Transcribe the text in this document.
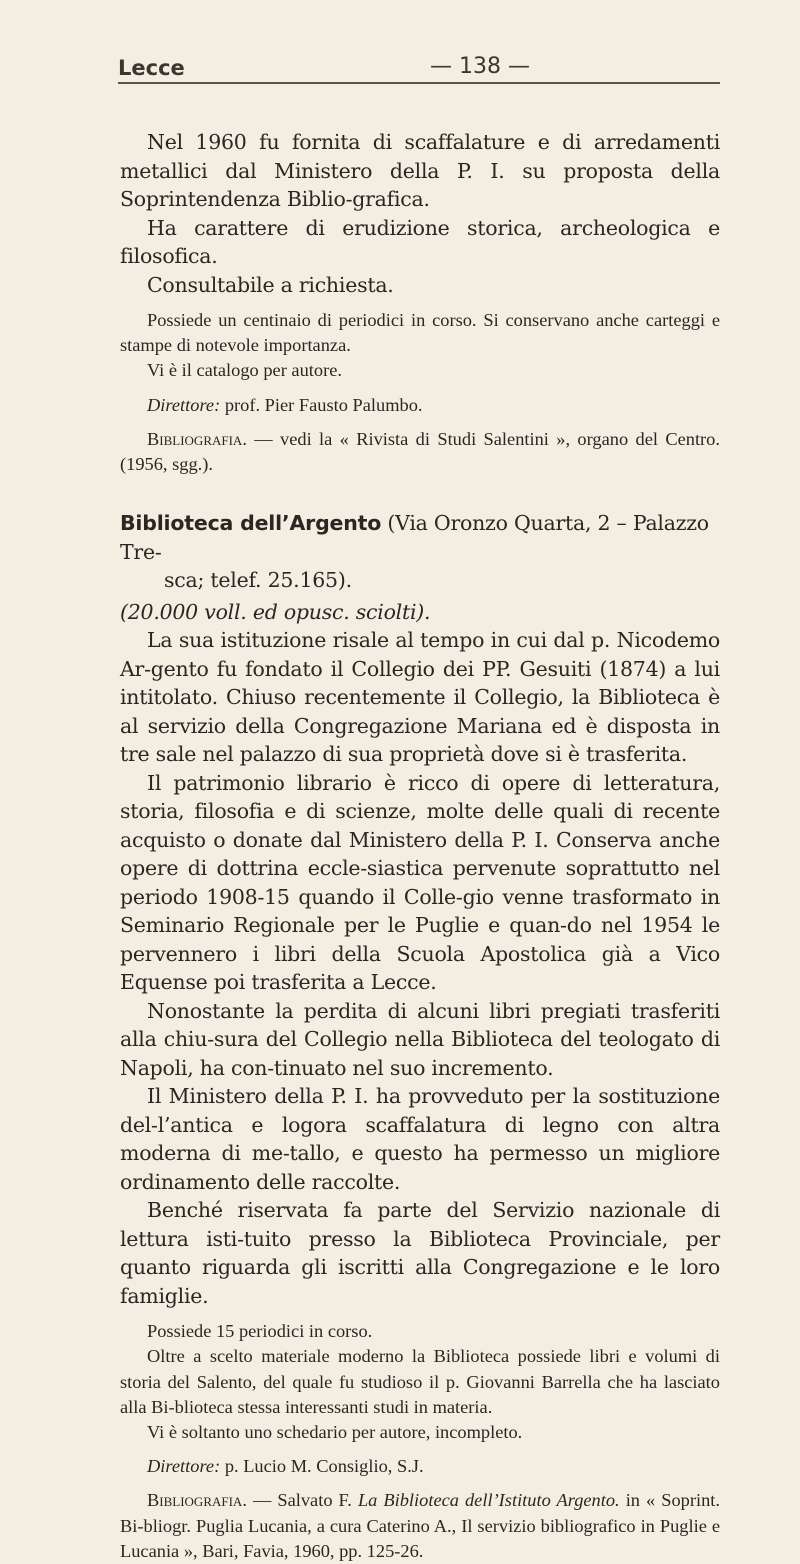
Lecce	— 138 —

Nel 1960 fu fornita di scaffalature e di arredamenti metallici dal Ministero della P. I. su proposta della Soprintendenza Biblio-grafica.

Ha carattere di erudizione storica, archeologica e filosofica.

Consultabile a richiesta.

Possiede un centinaio di periodici in corso. Si conservano anche carteggi e stampe di notevole importanza.

Vi è il catalogo per autore.

Direttore: prof. Pier Fausto Palumbo.

Bibliografia. — vedi la « Rivista di Studi Salentini », organo del Centro. (1956, sgg.).

Biblioteca dell’Argento (Via Oronzo Quarta, 2 – Palazzo Tre-
sca; telef. 25.165).

(20.000 voll. ed opusc. sciolti).

La sua istituzione risale al tempo in cui dal p. Nicodemo Ar-gento fu fondato il Collegio dei PP. Gesuiti (1874) a lui intitolato. Chiuso recentemente il Collegio, la Biblioteca è al servizio della Congregazione Mariana ed è disposta in tre sale nel palazzo di sua proprietà dove si è trasferita.

Il patrimonio librario è ricco di opere di letteratura, storia, filosofia e di scienze, molte delle quali di recente acquisto o donate dal Ministero della P. I. Conserva anche opere di dottrina eccle-siastica pervenute soprattutto nel periodo 1908-15 quando il Colle-gio venne trasformato in Seminario Regionale per le Puglie e quan-do nel 1954 le pervennero i libri della Scuola Apostolica già a Vico Equense poi trasferita a Lecce.

Nonostante la perdita di alcuni libri pregiati trasferiti alla chiu-sura del Collegio nella Biblioteca del teologato di Napoli, ha con-tinuato nel suo incremento.

Il Ministero della P. I. ha provveduto per la sostituzione del-l’antica e logora scaffalatura di legno con altra moderna di me-tallo, e questo ha permesso un migliore ordinamento delle raccolte.

Benché riservata fa parte del Servizio nazionale di lettura isti-tuito presso la Biblioteca Provinciale, per quanto riguarda gli iscritti alla Congregazione e le loro famiglie.

Possiede 15 periodici in corso.

Oltre a scelto materiale moderno la Biblioteca possiede libri e volumi di storia del Salento, del quale fu studioso il p. Giovanni Barrella che ha lasciato alla Bi-blioteca stessa interessanti studi in materia.

Vi è soltanto uno schedario per autore, incompleto.

Direttore: p. Lucio M. Consiglio, S.J.

Bibliografia. — Salvato F. La Biblioteca dell’Istituto Argento. in « Soprint. Bi-bliogr. Puglia Lucania, a cura Caterino A., Il servizio bibliografico in Puglie e Lucania », Bari, Favia, 1960, pp. 125-26.
